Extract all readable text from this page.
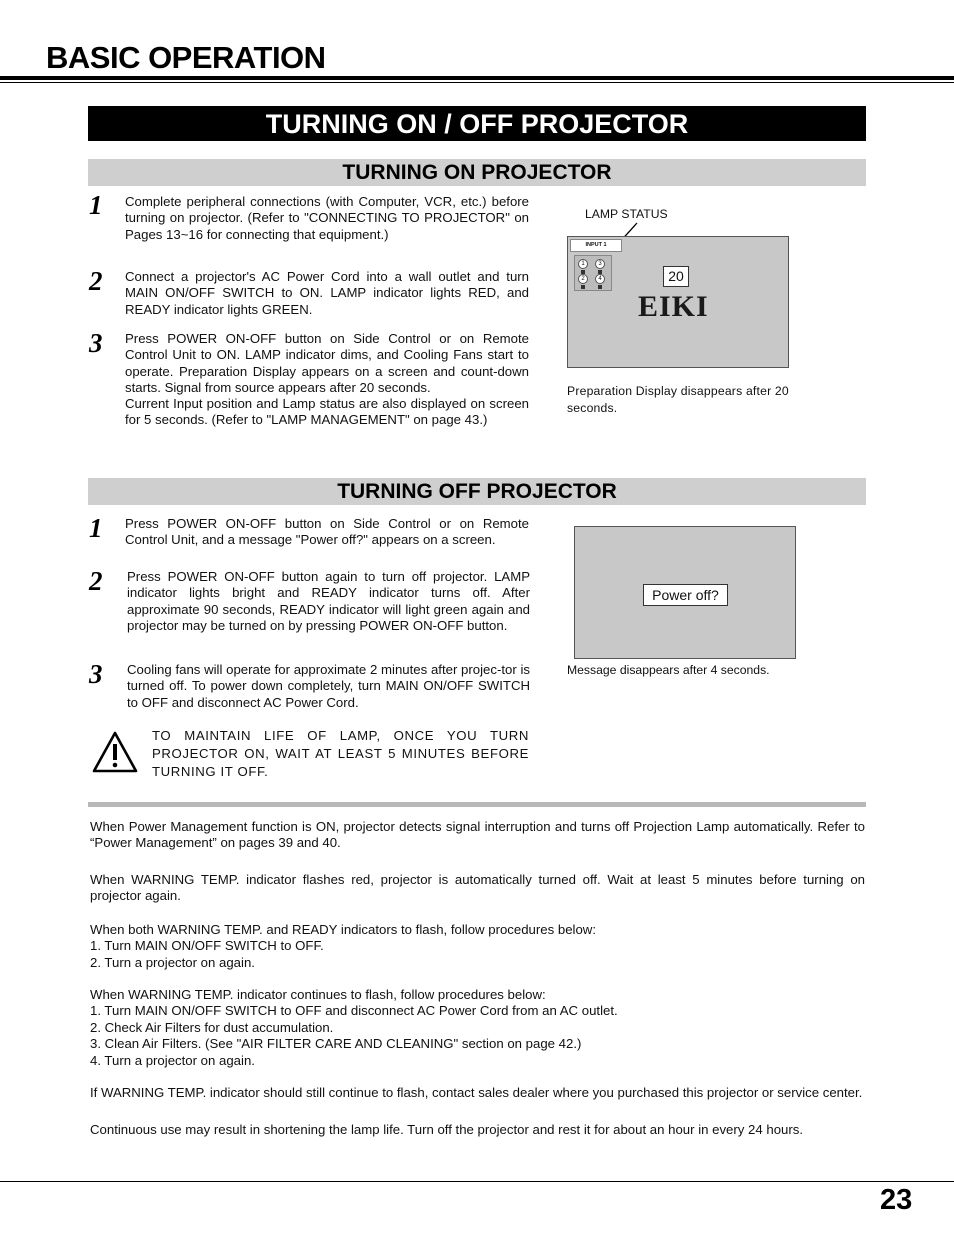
BASIC OPERATION
TURNING ON / OFF PROJECTOR
TURNING ON PROJECTOR
1 Complete peripheral connections (with Computer, VCR, etc.) before turning on projector. (Refer to "CONNECTING TO PROJECTOR" on Pages 13~16 for connecting that equipment.)
2 Connect a projector's AC Power Cord into a wall outlet and turn MAIN ON/OFF SWITCH to ON. LAMP indicator lights RED, and READY indicator lights GREEN.
3 Press POWER ON-OFF button on Side Control or on Remote Control Unit to ON. LAMP indicator dims, and Cooling Fans start to operate. Preparation Display appears on a screen and count-down starts. Signal from source appears after 20 seconds.
Current Input position and Lamp status are also displayed on screen for 5 seconds. (Refer to "LAMP MANAGEMENT" on page 43.)
LAMP STATUS
INPUT 1
1	3
2	4	20
EIKI
Preparation Display disappears after 20 seconds.
TURNING OFF PROJECTOR
1 Press POWER ON-OFF button on Side Control or on Remote Control Unit, and a message "Power off?" appears on a screen.
2 Press POWER ON-OFF button again to turn off projector. LAMP indicator lights bright and READY indicator turns off. After approximate 90 seconds, READY indicator will light green again and projector may be turned on by pressing POWER ON-OFF button.
3 Cooling fans will operate for approximate 2 minutes after projec-tor is turned off. To power down completely, turn MAIN ON/OFF SWITCH to OFF and disconnect AC Power Cord.
Power off?
Message disappears after 4 seconds.
TO MAINTAIN LIFE OF LAMP, ONCE YOU TURN PROJECTOR ON, WAIT AT LEAST 5 MINUTES BEFORE TURNING IT OFF.
When Power Management function is ON, projector detects signal interruption and turns off Projection Lamp automatically. Refer to “Power Management” on pages 39 and 40.
When WARNING TEMP. indicator flashes red, projector is automatically turned off. Wait at least 5 minutes before turning on projector again.
When both WARNING TEMP. and READY indicators to flash, follow procedures below:
1. Turn MAIN ON/OFF SWITCH to OFF.
2. Turn a projector on again.
When WARNING TEMP. indicator continues to flash, follow procedures below:
1. Turn MAIN ON/OFF SWITCH to OFF and disconnect AC Power Cord from an AC outlet.
2. Check Air Filters for dust accumulation.
3. Clean Air Filters. (See "AIR FILTER CARE AND CLEANING" section on page 42.)
4. Turn a projector on again.
If WARNING TEMP. indicator should still continue to flash, contact sales dealer where you purchased this projector or service center.
Continuous use may result in shortening the lamp life. Turn off the projector and rest it for about an hour in every 24 hours.
23
